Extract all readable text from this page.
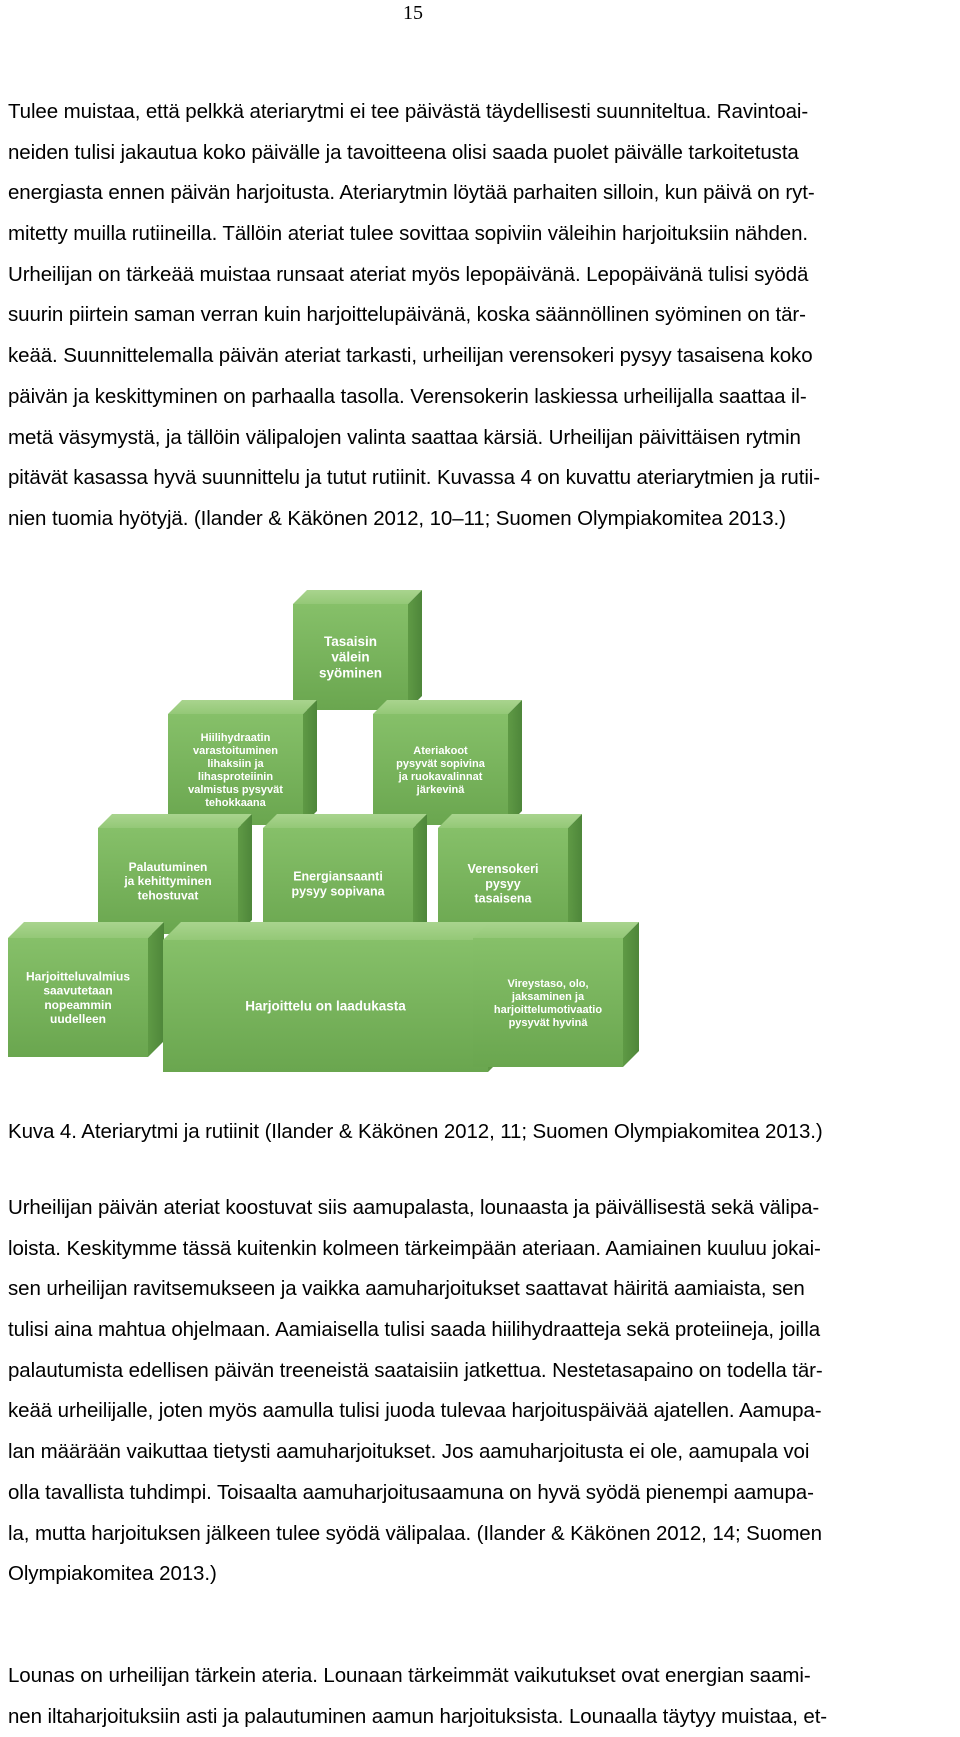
15
Tulee muistaa, että pelkkä ateriarytmi ei tee päivästä täydellisesti suunniteltua. Ravintoai-
neiden tulisi jakautua koko päivälle ja tavoitteena olisi saada puolet päivälle tarkoitetusta
energiasta ennen päivän harjoitusta. Ateriarytmin löytää parhaiten silloin, kun päivä on ryt-
mitetty muilla rutiineilla. Tällöin ateriat tulee sovittaa sopiviin väleihin harjoituksiin nähden.
Urheilijan on tärkeää muistaa runsaat ateriat myös lepopäivänä. Lepopäivänä tulisi syödä
suurin piirtein saman verran kuin harjoittelupäivänä, koska säännöllinen syöminen on tär-
keää. Suunnittelemalla päivän ateriat tarkasti, urheilijan verensokeri pysyy tasaisena koko
päivän ja keskittyminen on parhaalla tasolla. Verensokerin laskiessa urheilijalla saattaa il-
metä väsymystä, ja tällöin välipalojen valinta saattaa kärsiä. Urheilijan päivittäisen rytmin
pitävät kasassa hyvä suunnittelu ja tutut rutiinit. Kuvassa 4 on kuvattu ateriarytmien ja rutii-
nien tuomia hyötyjä. (Ilander & Käkönen 2012, 10–11; Suomen Olympiakomitea 2013.)
Tasaisin
välein
syöminen
Hiilihydraatin
varastoituminen
lihaksiin ja
lihasproteiinin
valmistus pysyvät
tehokkaana
Ateriakoot
pysyvät sopivina
ja ruokavalinnat
järkevinä
Palautuminen
ja kehittyminen
tehostuvat
Energiansaanti
pysyy sopivana
Verensokeri
pysyy
tasaisena
Harjoitteluvalmius
saavutetaan
nopeammin
uudelleen
Harjoittelu on laadukasta
Vireystaso, olo,
jaksaminen ja
harjoittelumotivaatio
pysyvät hyvinä
Kuva 4. Ateriarytmi ja rutiinit (Ilander & Käkönen 2012, 11; Suomen Olympiakomitea 2013.)
Urheilijan päivän ateriat koostuvat siis aamupalasta, lounaasta ja päivällisestä sekä välipa-
loista. Keskitymme tässä kuitenkin kolmeen tärkeimpään ateriaan. Aamiainen kuuluu jokai-
sen urheilijan ravitsemukseen ja vaikka aamuharjoitukset saattavat häiritä aamiaista, sen
tulisi aina mahtua ohjelmaan. Aamiaisella tulisi saada hiilihydraatteja sekä proteiineja, joilla
palautumista edellisen päivän treeneistä saataisiin jatkettua. Nestetasapaino on todella tär-
keää urheilijalle, joten myös aamulla tulisi juoda tulevaa harjoituspäivää ajatellen. Aamupa-
lan määrään vaikuttaa tietysti aamuharjoitukset. Jos aamuharjoitusta ei ole, aamupala voi
olla tavallista tuhdimpi. Toisaalta aamuharjoitusaamuna on hyvä syödä pienempi aamupa-
la, mutta harjoituksen jälkeen tulee syödä välipalaa. (Ilander & Käkönen 2012, 14; Suomen
Olympiakomitea 2013.)
Lounas on urheilijan tärkein ateria. Lounaan tärkeimmät vaikutukset ovat energian saami-
nen iltaharjoituksiin asti ja palautuminen aamun harjoituksista. Lounaalla täytyy muistaa, et-
